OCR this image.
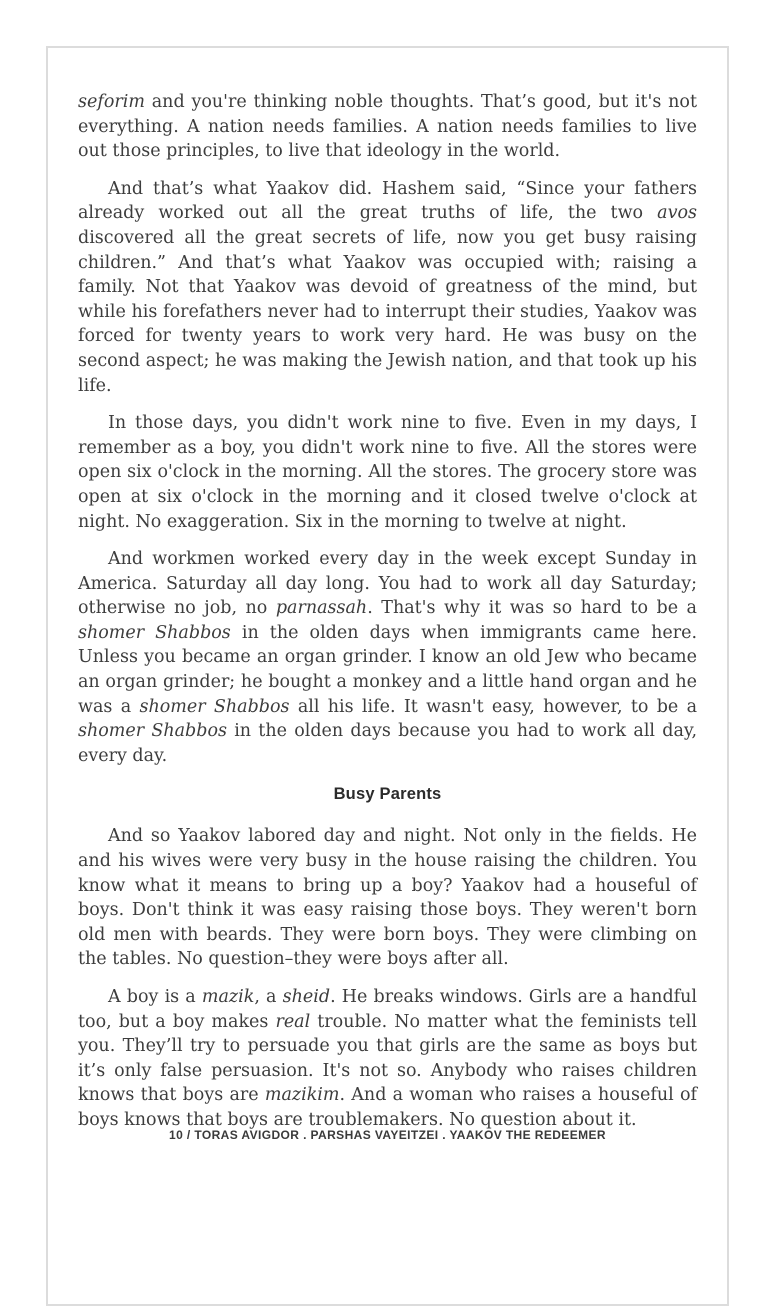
seforim and you're thinking noble thoughts. That’s good, but it's not everything. A nation needs families. A nation needs families to live out those principles, to live that ideology in the world.

And that’s what Yaakov did. Hashem said, “Since your fathers already worked out all the great truths of life, the two avos discovered all the great secrets of life, now you get busy raising children.” And that’s what Yaakov was occupied with; raising a family. Not that Yaakov was devoid of greatness of the mind, but while his forefathers never had to interrupt their studies, Yaakov was forced for twenty years to work very hard. He was busy on the second aspect; he was making the Jewish nation, and that took up his life.

In those days, you didn't work nine to five. Even in my days, I remember as a boy, you didn't work nine to five. All the stores were open six o'clock in the morning. All the stores. The grocery store was open at six o'clock in the morning and it closed twelve o'clock at night. No exaggeration. Six in the morning to twelve at night.

And workmen worked every day in the week except Sunday in America. Saturday all day long. You had to work all day Saturday; otherwise no job, no parnassah. That's why it was so hard to be a shomer Shabbos in the olden days when immigrants came here. Unless you became an organ grinder. I know an old Jew who became an organ grinder; he bought a monkey and a little hand organ and he was a shomer Shabbos all his life. It wasn't easy, however, to be a shomer Shabbos in the olden days because you had to work all day, every day.

Busy Parents

And so Yaakov labored day and night. Not only in the fields. He and his wives were very busy in the house raising the children. You know what it means to bring up a boy? Yaakov had a houseful of boys. Don't think it was easy raising those boys. They weren't born old men with beards. They were born boys. They were climbing on the tables. No question–they were boys after all.

A boy is a mazik, a sheid. He breaks windows. Girls are a handful too, but a boy makes real trouble. No matter what the feminists tell you. They’ll try to persuade you that girls are the same as boys but it’s only false persuasion. It's not so. Anybody who raises children knows that boys are mazikim. And a woman who raises a houseful of boys knows that boys are troublemakers. No question about it.

10 / TORAS AVIGDOR . PARSHAS VAYEITZEI . YAAKOV THE REDEEMER
